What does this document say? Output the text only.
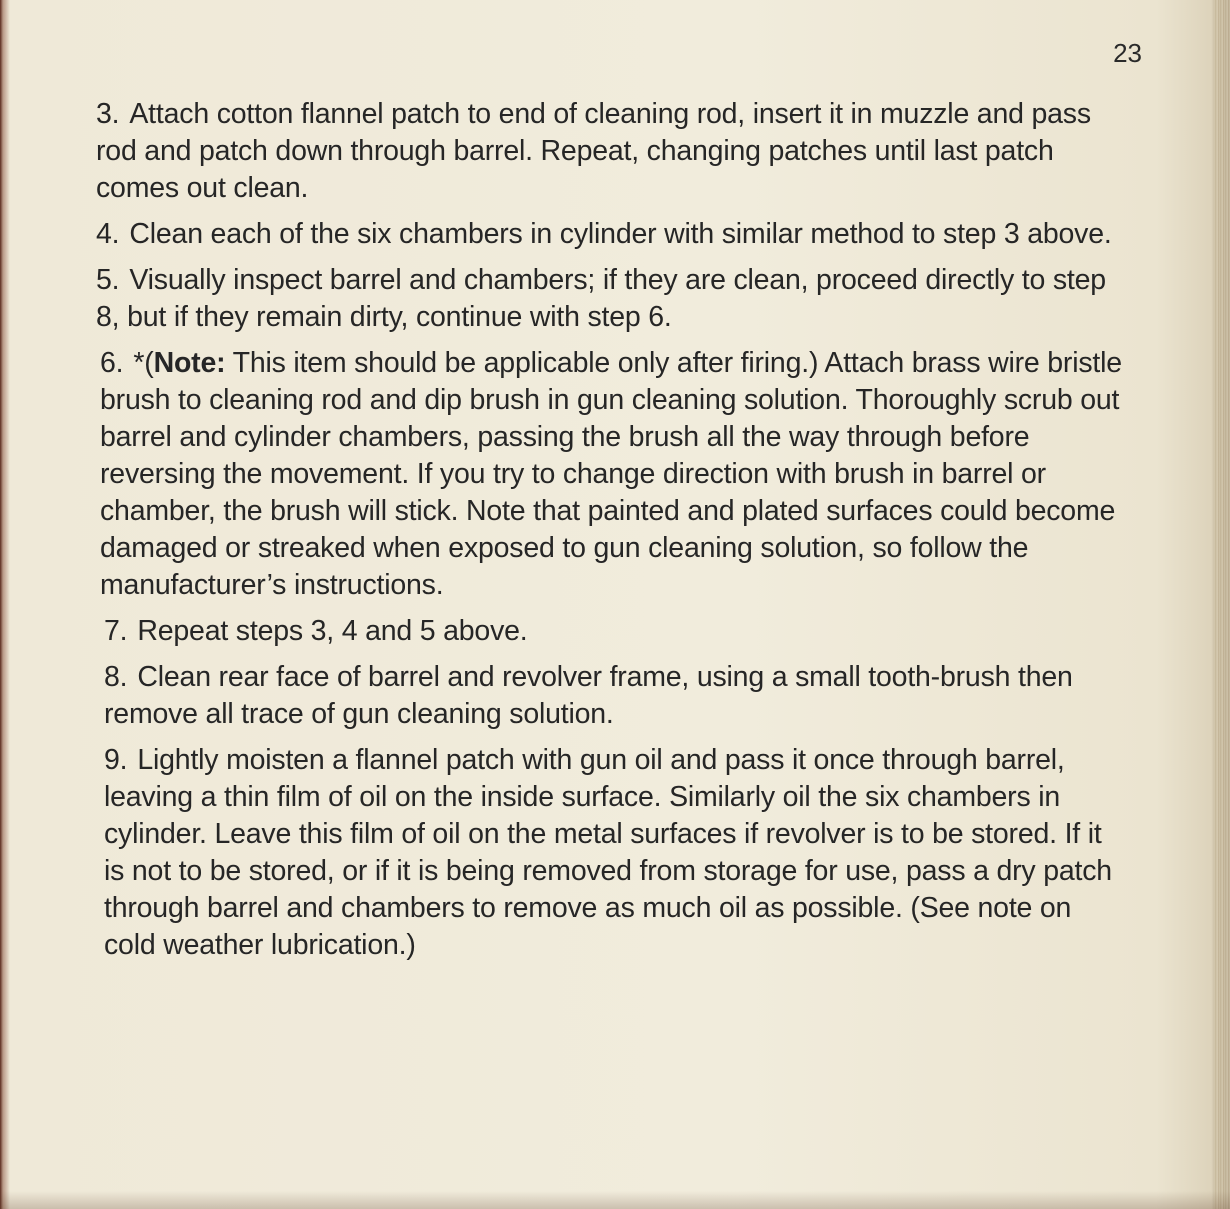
23

3. Attach cotton flannel patch to end of cleaning rod, insert it in muzzle and pass rod and patch down through barrel. Repeat, changing patches until last patch comes out clean.

4. Clean each of the six chambers in cylinder with similar method to step 3 above.

5. Visually inspect barrel and chambers; if they are clean, proceed directly to step 8, but if they remain dirty, continue with step 6.

6. *(Note: This item should be applicable only after firing.) Attach brass wire bristle brush to cleaning rod and dip brush in gun cleaning solution. Thoroughly scrub out barrel and cylinder chambers, passing the brush all the way through before reversing the movement. If you try to change direction with brush in barrel or chamber, the brush will stick. Note that painted and plated surfaces could become damaged or streaked when exposed to gun cleaning solution, so follow the manufacturer’s instructions.

7. Repeat steps 3, 4 and 5 above.

8. Clean rear face of barrel and revolver frame, using a small tooth-brush then remove all trace of gun cleaning solution.

9. Lightly moisten a flannel patch with gun oil and pass it once through barrel, leaving a thin film of oil on the inside surface. Similarly oil the six chambers in cylinder. Leave this film of oil on the metal surfaces if revolver is to be stored. If it is not to be stored, or if it is being removed from storage for use, pass a dry patch through barrel and chambers to remove as much oil as possible. (See note on cold weather lubrication.)
